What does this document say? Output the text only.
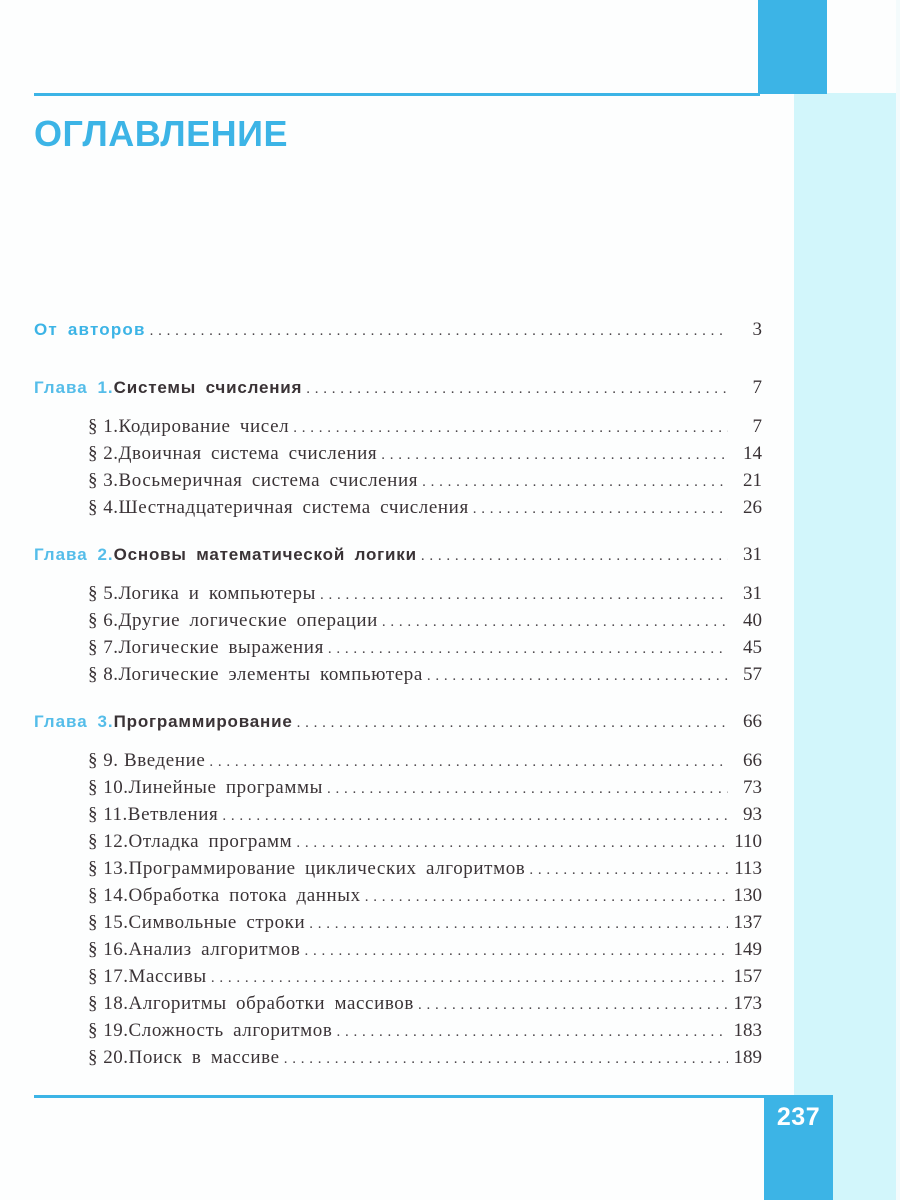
ОГЛАВЛЕНИЕ
От авторов . . .	3
Глава 1. Системы счисления . . .	7
§ 1. Кодирование чисел . . .	7
§ 2. Двоичная система счисления . . .	14
§ 3. Восьмеричная система счисления . . .	21
§ 4. Шестнадцатеричная система счисления . . .	26
Глава 2. Основы математической логики . . .	31
§ 5. Логика и компьютеры . . .	31
§ 6. Другие логические операции . . .	40
§ 7. Логические выражения . . .	45
§ 8. Логические элементы компьютера . . .	57
Глава 3. Программирование . . .	66
§ 9. Введение . . .	66
§ 10. Линейные программы . . .	73
§ 11. Ветвления . . .	93
§ 12. Отладка программ . . .	110
§ 13. Программирование циклических алгоритмов . . .	113
§ 14. Обработка потока данных . . .	130
§ 15. Символьные строки . . .	137
§ 16. Анализ алгоритмов . . .	149
§ 17. Массивы . . .	157
§ 18. Алгоритмы обработки массивов . . .	173
§ 19. Сложность алгоритмов . . .	183
§ 20. Поиск в массиве . . .	189
237
